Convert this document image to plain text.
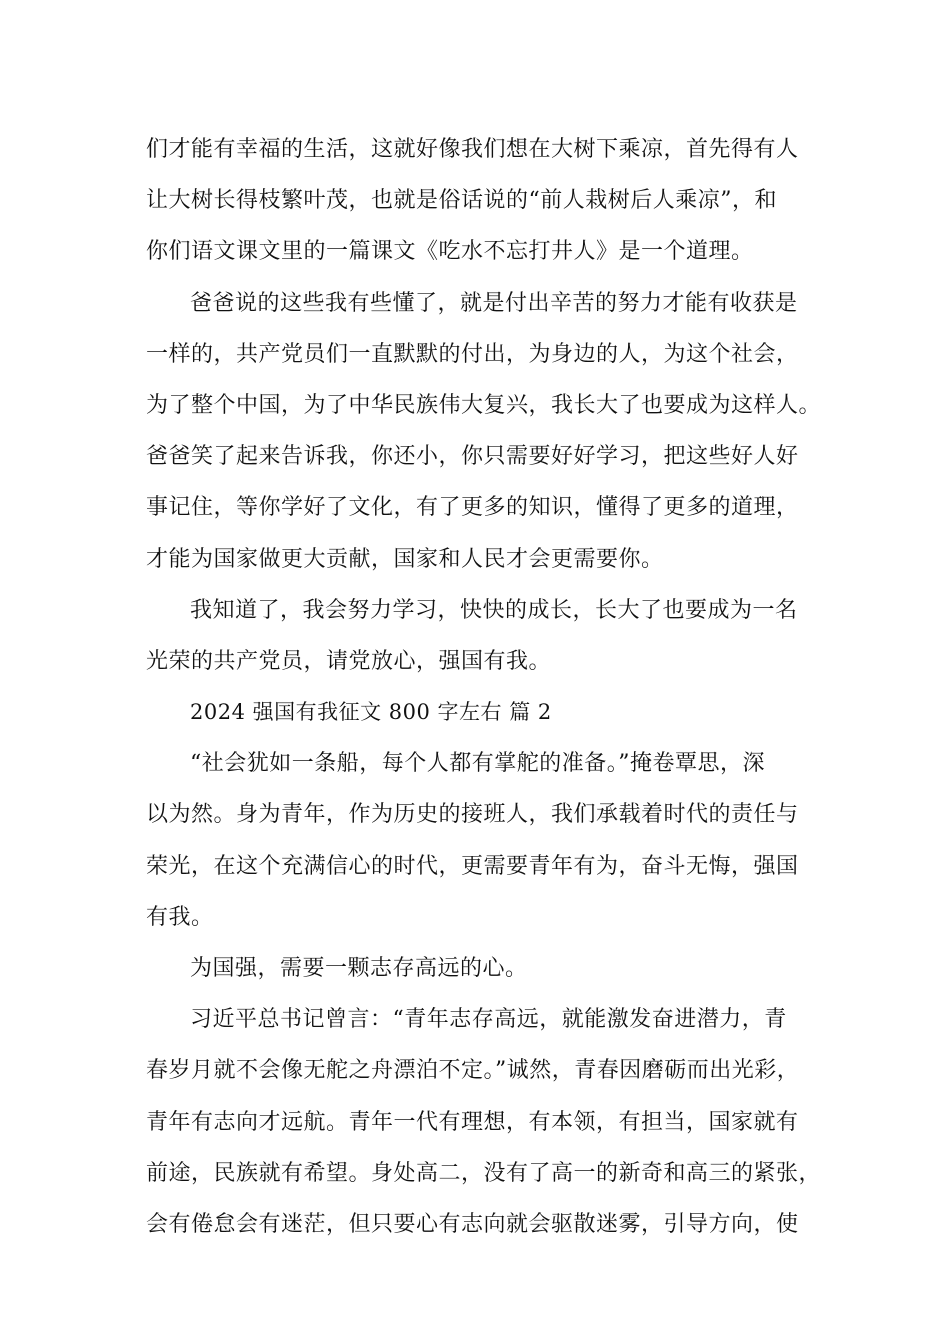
们才能有幸福的生活，这就好像我们想在大树下乘凉，首先得有人
让大树长得枝繁叶茂，也就是俗话说的“前人栽树后人乘凉”，和
你们语文课文里的一篇课文《吃水不忘打井人》是一个道理。
爸爸说的这些我有些懂了，就是付出辛苦的努力才能有收获是
一样的，共产党员们一直默默的付出，为身边的人，为这个社会，
为了整个中国，为了中华民族伟大复兴，我长大了也要成为这样人。
爸爸笑了起来告诉我，你还小，你只需要好好学习，把这些好人好
事记住，等你学好了文化，有了更多的知识，懂得了更多的道理，
才能为国家做更大贡献，国家和人民才会更需要你。
我知道了，我会努力学习，快快的成长，长大了也要成为一名
光荣的共产党员，请党放心，强国有我。
2024 强国有我征文 800 字左右 篇 2
“社会犹如一条船，每个人都有掌舵的准备。”掩卷覃思，深
以为然。身为青年，作为历史的接班人，我们承载着时代的责任与
荣光，在这个充满信心的时代，更需要青年有为，奋斗无悔，强国
有我。
为国强，需要一颗志存高远的心。
习近平总书记曾言：“青年志存高远，就能激发奋进潜力，青
春岁月就不会像无舵之舟漂泊不定。”诚然，青春因磨砺而出光彩，
青年有志向才远航。青年一代有理想，有本领，有担当，国家就有
前途，民族就有希望。身处高二，没有了高一的新奇和高三的紧张，
会有倦怠会有迷茫，但只要心有志向就会驱散迷雾，引导方向，使
